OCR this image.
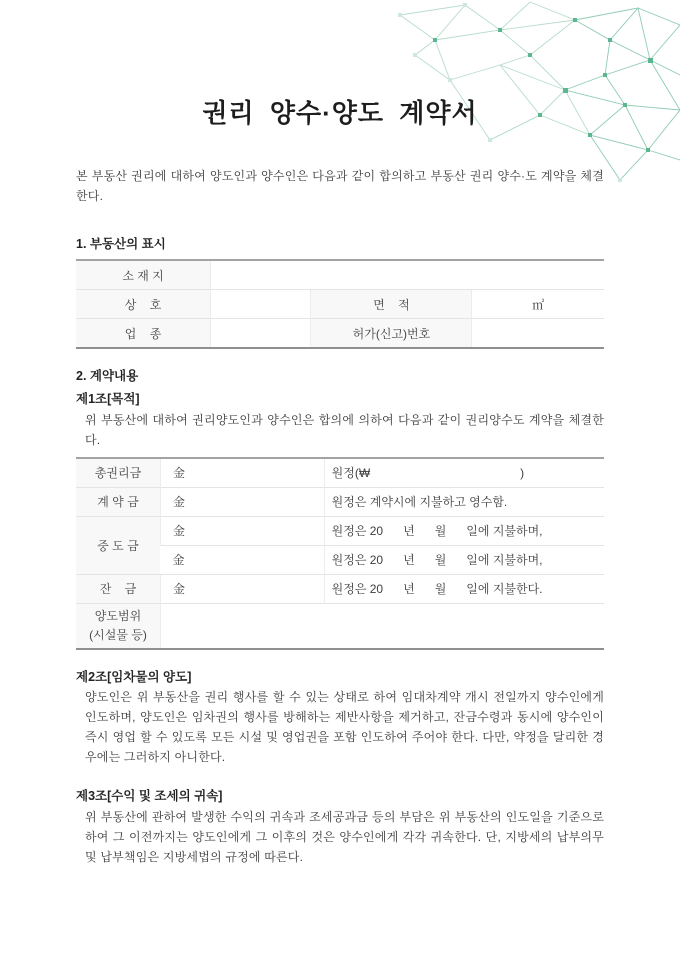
권리 양수·양도 계약서

본 부동산 권리에 대하여 양도인과 양수인은 다음과 같이 합의하고 부동산 권리 양수·도 계약을 체결한다.

1. 부동산의 표시
소 재 지			
상    호		면    적	㎡
업    종		허가(신고)번호	
2. 계약내용
제1조[목적]

위 부동산에 대하여 권리양도인과 양수인은 합의에 의하여 다음과 같이 권리양수도 계약을 체결한다.

총권리금	金	원정(₩ )
계 약 금	金	원정은 계약시에 지불하고 영수함.
중 도 금	金	원정은 20      년      월      일에 지불하며,
	金	원정은 20      년      월      일에 지불하며,
잔    금	金	원정은 20      년      월      일에 지불한다.

양도범위
(시설물 등)		

제2조[임차물의 양도]

양도인은 위 부동산을 권리 행사를 할 수 있는 상태로 하여 임대차계약 개시 전일까지 양수인에게 인도하며, 양도인은 임차권의 행사를 방해하는 제반사항을 제거하고, 잔금수령과 동시에 양수인이 즉시 영업 할 수 있도록 모든 시설 및 영업권을 포함 인도하여 주어야 한다. 다만, 약정을 달리한 경우에는 그러하지 아니한다.

제3조[수익 및 조세의 귀속]

위 부동산에 관하여 발생한 수익의 귀속과 조세공과금 등의 부담은 위 부동산의 인도일을 기준으로 하여 그 이전까지는 양도인에게 그 이후의 것은 양수인에게 각각 귀속한다. 단, 지방세의 납부의무 및 납부책임은 지방세법의 규정에 따른다.
